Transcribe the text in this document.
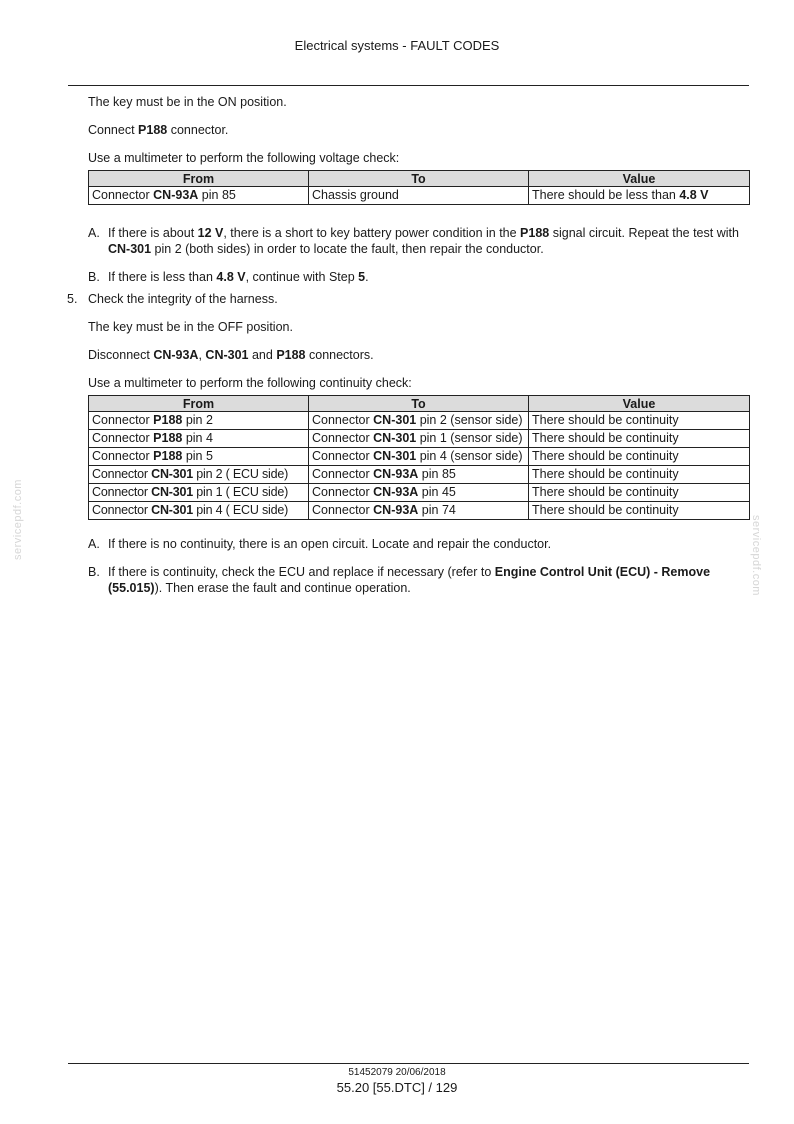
Electrical systems - FAULT CODES

The key must be in the ON position.

Connect P188 connector.

Use a multimeter to perform the following voltage check:

From	To	Value
Connector CN-93A pin 85	Chassis ground	There should be less than 4.8 V
A. If there is about 12 V, there is a short to key battery power condition in the P188 signal circuit. Repeat the test with CN-301 pin 2 (both sides) in order to locate the fault, then repair the conductor.
B. If there is less than 4.8 V, continue with Step 5.
5. Check the integrity of the harness.

The key must be in the OFF position.

Disconnect CN-93A, CN-301 and P188 connectors.

Use a multimeter to perform the following continuity check:

From	To	Value
Connector P188 pin 2	Connector CN-301 pin 2 (sensor side)	There should be continuity
Connector P188 pin 4	Connector CN-301 pin 1 (sensor side)	There should be continuity
Connector P188 pin 5	Connector CN-301 pin 4 (sensor side)	There should be continuity
Connector CN-301 pin 2 ( ECU side)	Connector CN-93A pin 85	There should be continuity
Connector CN-301 pin 1 ( ECU side)	Connector CN-93A pin 45	There should be continuity
Connector CN-301 pin 4 ( ECU side)	Connector CN-93A pin 74	There should be continuity
A. If there is no continuity, there is an open circuit. Locate and repair the conductor.
B. If there is continuity, check the ECU and replace if necessary (refer to Engine Control Unit (ECU) - Remove (55.015)). Then erase the fault and continue operation.
servicepdf.com	servicepdf.com
51452079 20/06/2018
55.20 [55.DTC] / 129
